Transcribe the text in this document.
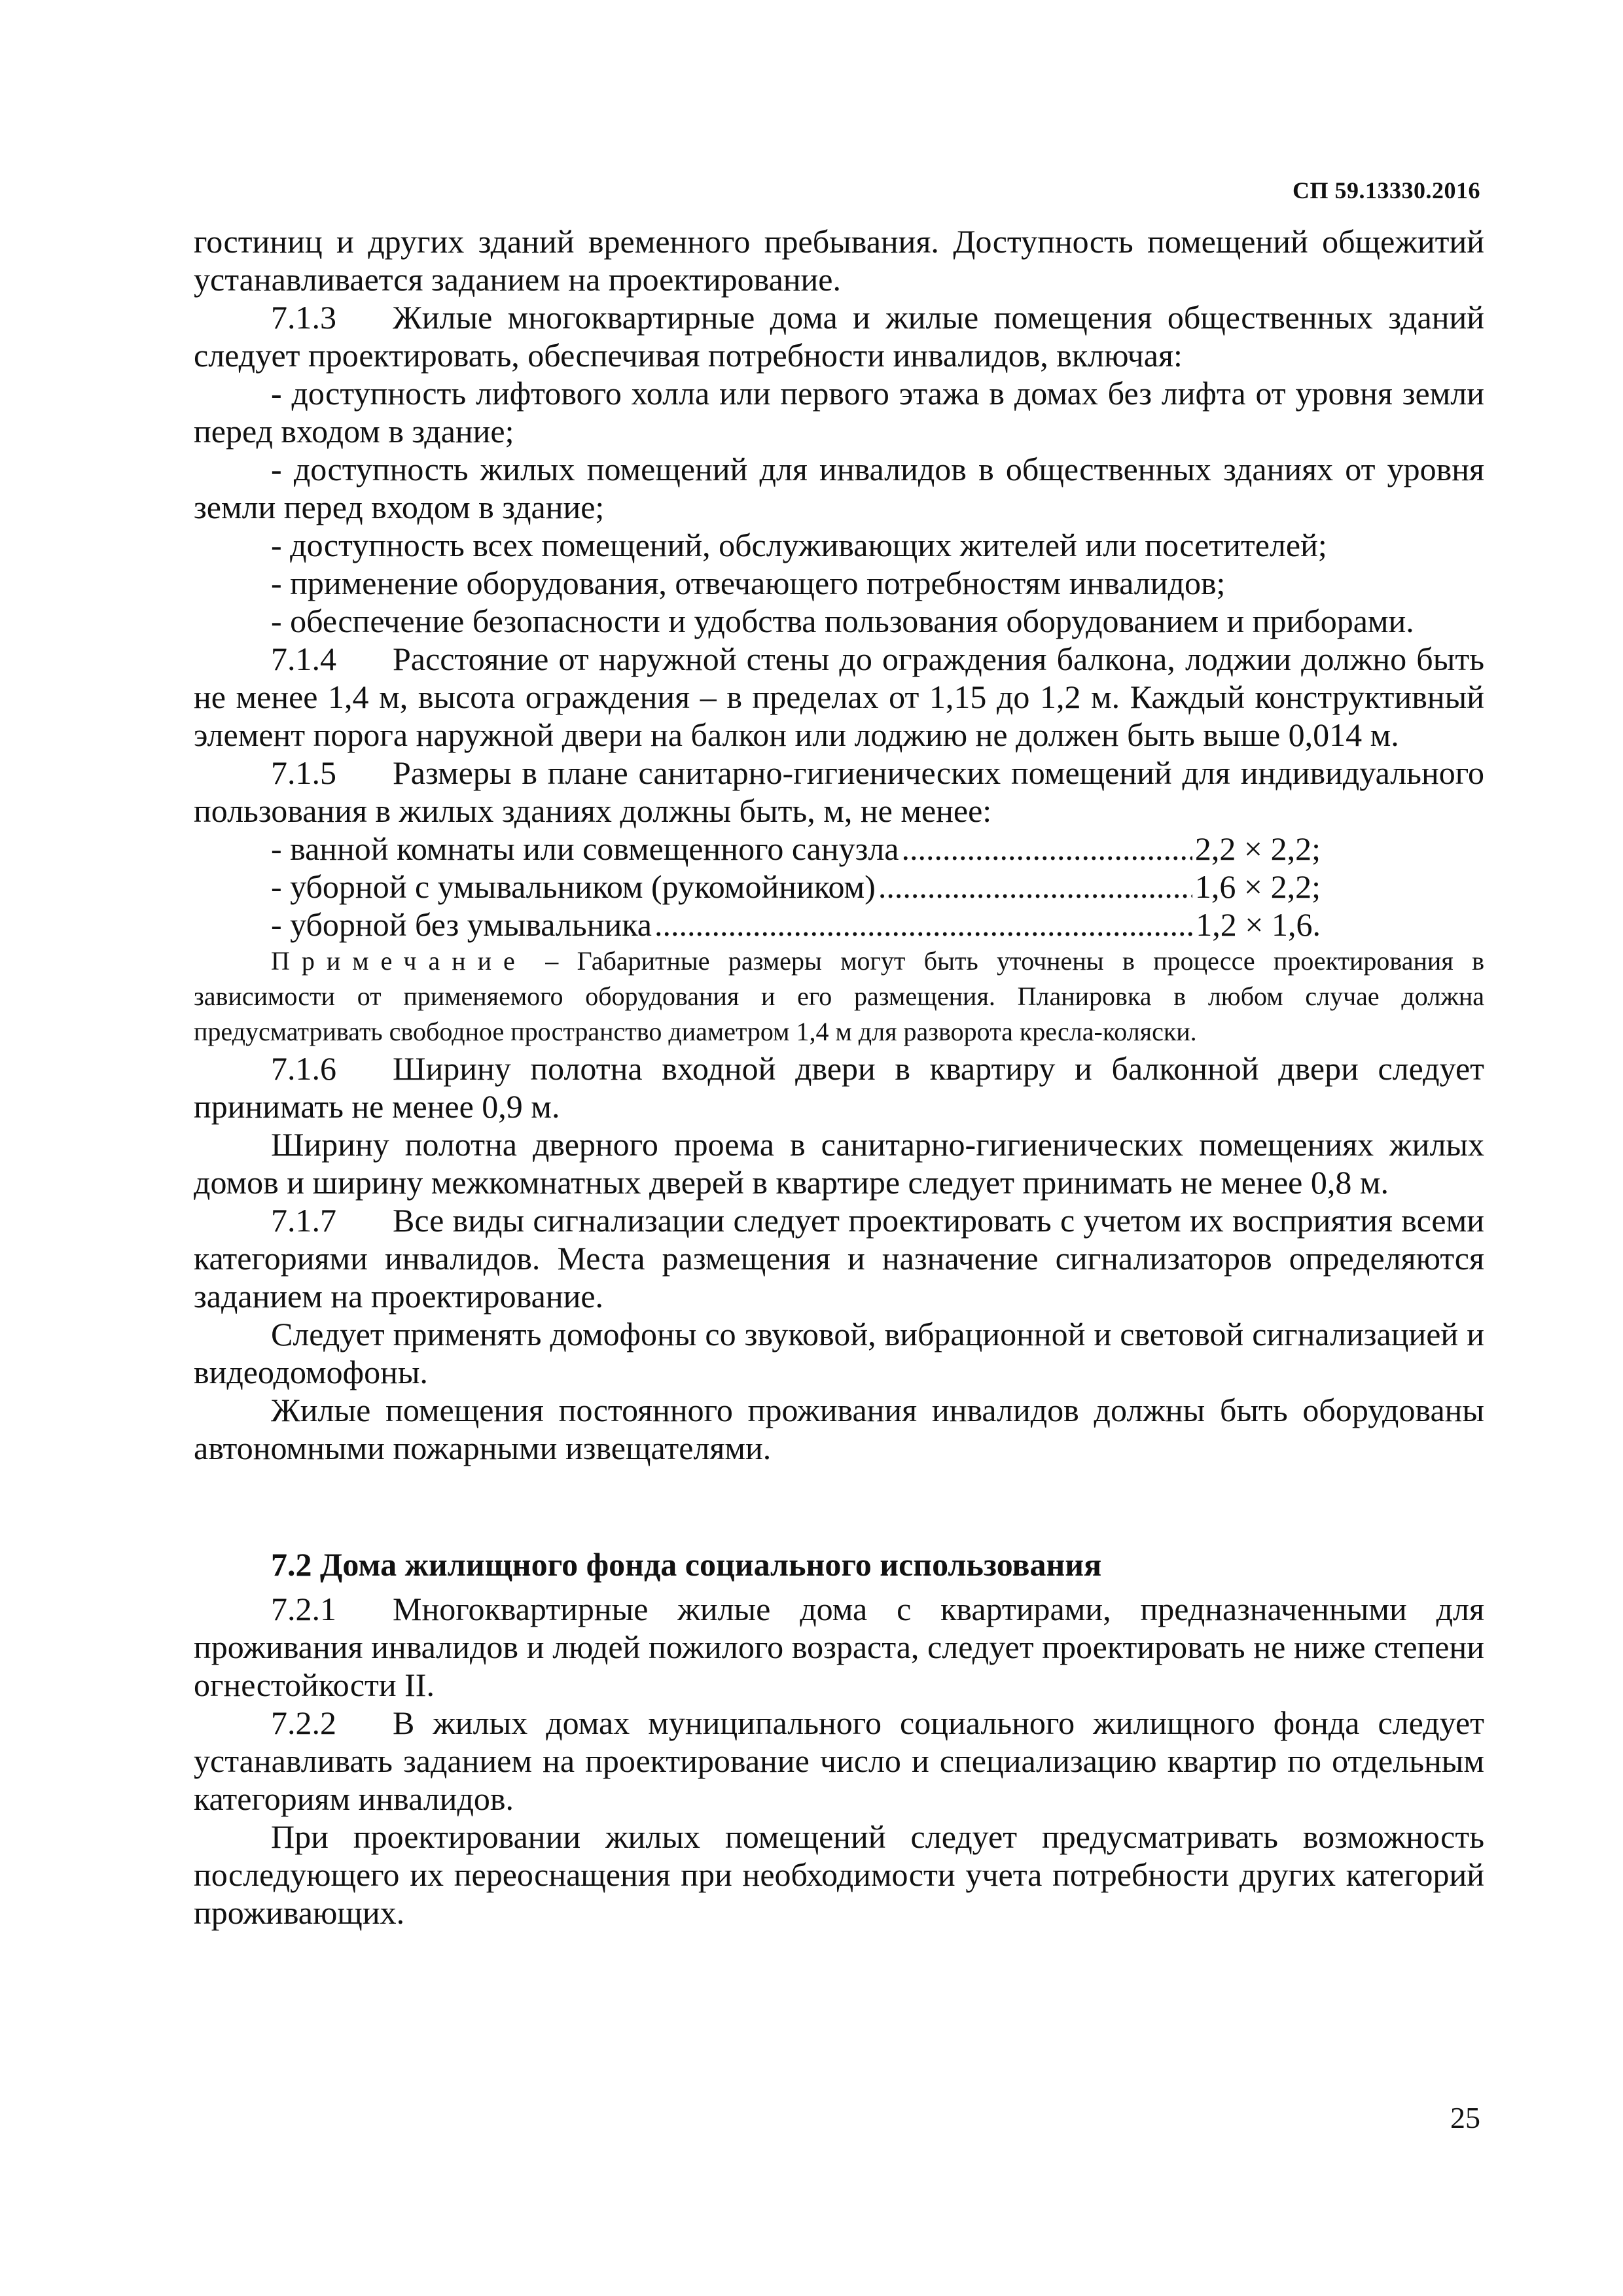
СП 59.13330.2016

гостиниц и других зданий временного пребывания. Доступность помещений общежитий устанавливается заданием на проектирование.

7.1.3 Жилые многоквартирные дома и жилые помещения общественных зданий следует проектировать, обеспечивая потребности инвалидов, включая:

- доступность лифтового холла или первого этажа в домах без лифта от уровня земли перед входом в здание;

- доступность жилых помещений для инвалидов в общественных зданиях от уровня земли перед входом в здание;

- доступность всех помещений, обслуживающих жителей или посетителей;

- применение оборудования, отвечающего потребностям инвалидов;

- обеспечение безопасности и удобства пользования оборудованием и приборами.

7.1.4 Расстояние от наружной стены до ограждения балкона, лоджии должно быть не менее 1,4 м, высота ограждения – в пределах от 1,15 до 1,2 м. Каждый конструктивный элемент порога наружной двери на балкон или лоджию не должен быть выше 0,014 м.

7.1.5 Размеры в плане санитарно-гигиенических помещений для индивидуального пользования в жилых зданиях должны быть, м, не менее:

- ванной комнаты или совмещенного санузла .....	2,2 × 2,2;
- уборной с умывальником (рукомойником) .....	1,6 × 2,2;
- уборной без умывальника .....	1,2 × 1,6.

Примечание – Габаритные размеры могут быть уточнены в процессе проектирования в зависимости от применяемого оборудования и его размещения. Планировка в любом случае должна предусматривать свободное пространство диаметром 1,4 м для разворота кресла-коляски.

7.1.6 Ширину полотна входной двери в квартиру и балконной двери следует принимать не менее 0,9 м.

Ширину полотна дверного проема в санитарно-гигиенических помещениях жилых домов и ширину межкомнатных дверей в квартире следует принимать не менее 0,8 м.

7.1.7 Все виды сигнализации следует проектировать с учетом их восприятия всеми категориями инвалидов. Места размещения и назначение сигнализаторов определяются заданием на проектирование.

Следует применять домофоны со звуковой, вибрационной и световой сигнализацией и видеодомофоны.

Жилые помещения постоянного проживания инвалидов должны быть оборудованы автономными пожарными извещателями.

7.2 Дома жилищного фонда социального использования

7.2.1 Многоквартирные жилые дома с квартирами, предназначенными для проживания инвалидов и людей пожилого возраста, следует проектировать не ниже степени огнестойкости II.

7.2.2 В жилых домах муниципального социального жилищного фонда следует устанавливать заданием на проектирование число и специализацию квартир по отдельным категориям инвалидов.

При проектировании жилых помещений следует предусматривать возможность последующего их переоснащения при необходимости учета потребности других категорий проживающих.

25
